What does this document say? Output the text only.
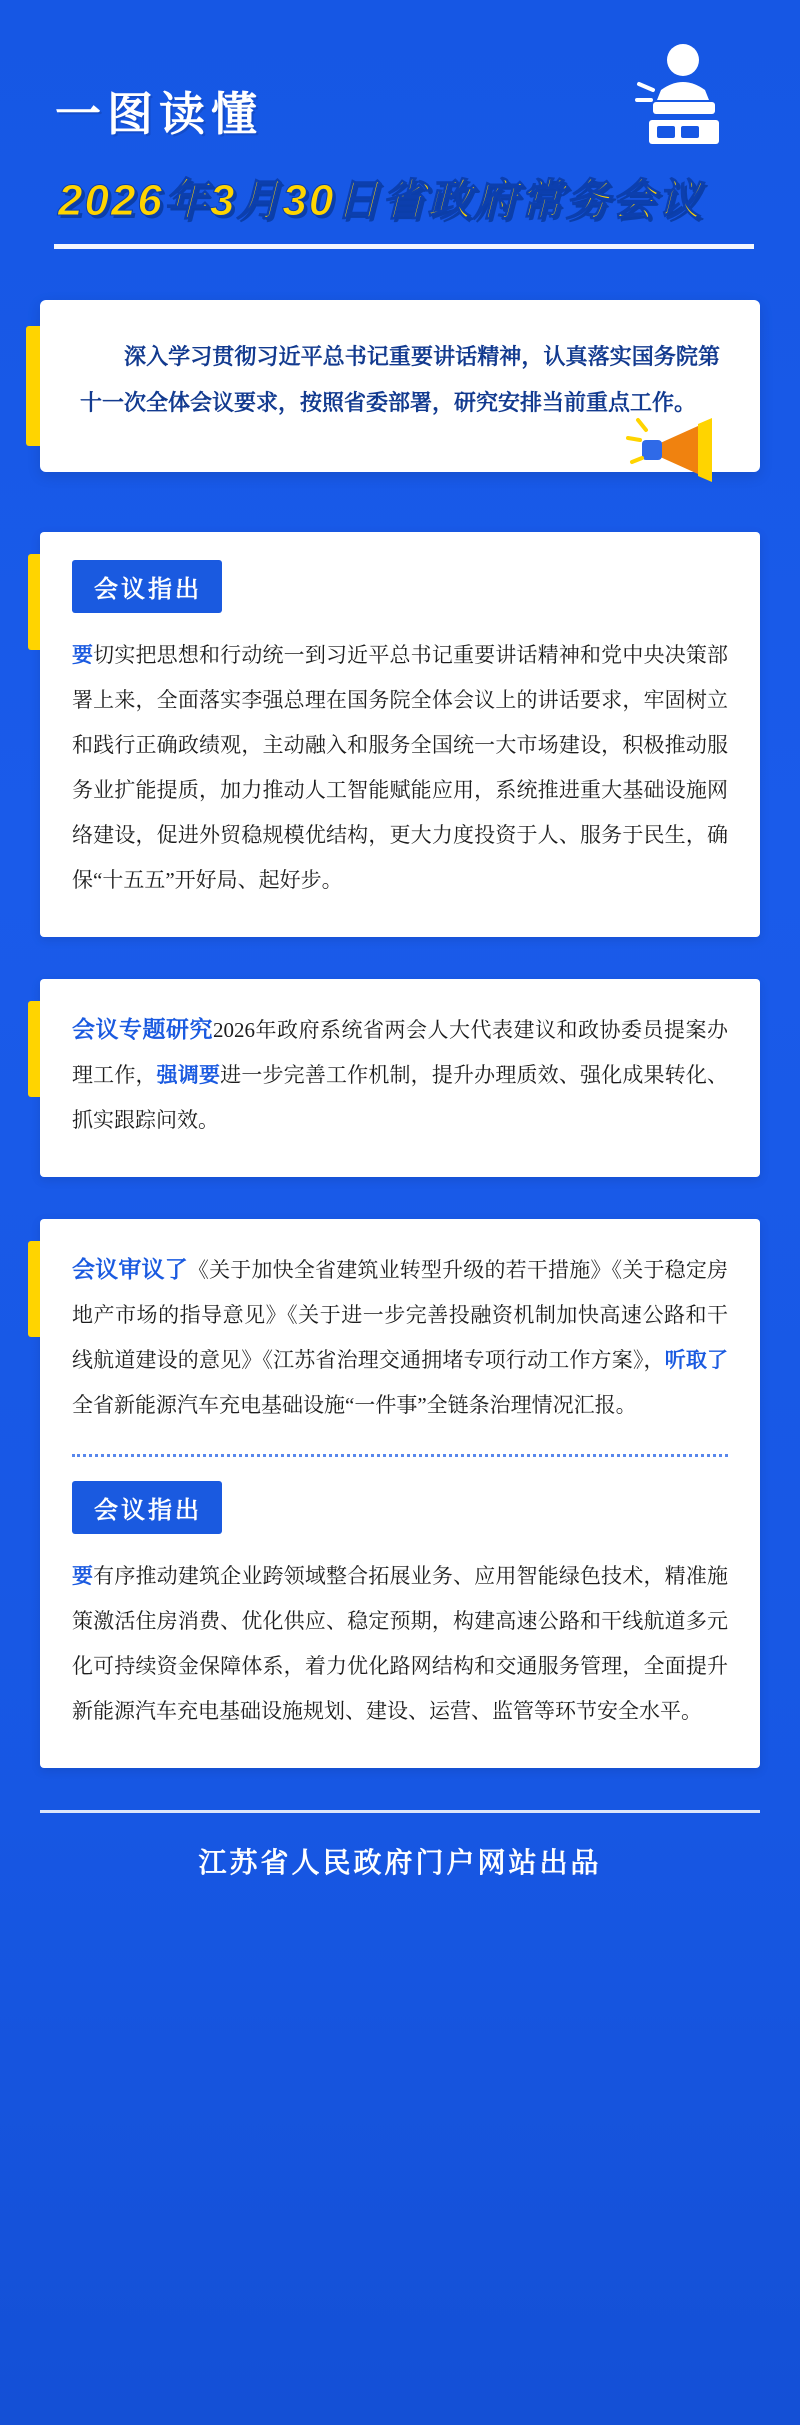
一图读懂
2026年3月30日省政府常务会议

深入学习贯彻习近平总书记重要讲话精神，认真落实国务院第十一次全体会议要求，按照省委部署，研究安排当前重点工作。

会议指出
要切实把思想和行动统一到习近平总书记重要讲话精神和党中央决策部署上来，全面落实李强总理在国务院全体会议上的讲话要求，牢固树立和践行正确政绩观，主动融入和服务全国统一大市场建设，积极推动服务业扩能提质，加力推动人工智能赋能应用，系统推进重大基础设施网络建设，促进外贸稳规模优结构，更大力度投资于人、服务于民生，确保“十五五”开好局、起好步。
会议专题研究2026年政府系统省两会人大代表建议和政协委员提案办理工作，强调要进一步完善工作机制，提升办理质效、强化成果转化、抓实跟踪问效。
会议审议了《关于加快全省建筑业转型升级的若干措施》《关于稳定房地产市场的指导意见》《关于进一步完善投融资机制加快高速公路和干线航道建设的意见》《江苏省治理交通拥堵专项行动工作方案》，听取了全省新能源汽车充电基础设施“一件事”全链条治理情况汇报。
会议指出
要有序推动建筑企业跨领域整合拓展业务、应用智能绿色技术，精准施策激活住房消费、优化供应、稳定预期，构建高速公路和干线航道多元化可持续资金保障体系，着力优化路网结构和交通服务管理，全面提升新能源汽车充电基础设施规划、建设、运营、监管等环节安全水平。
江苏省人民政府门户网站出品
